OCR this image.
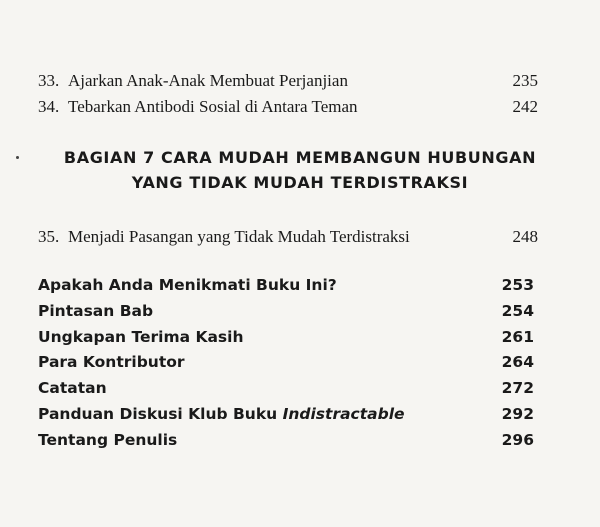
33. Ajarkan Anak-Anak Membuat Perjanjian	235
34. Tebarkan Antibodi Sosial di Antara Teman	242
BAGIAN 7 CARA MUDAH MEMBANGUN HUBUNGAN
YANG TIDAK MUDAH TERDISTRAKSI
35. Menjadi Pasangan yang Tidak Mudah Terdistraksi	248
Apakah Anda Menikmati Buku Ini?	253
Pintasan Bab	254
Ungkapan Terima Kasih	261
Para Kontributor	264
Catatan	272
Panduan Diskusi Klub Buku Indistractable	292
Tentang Penulis	296
